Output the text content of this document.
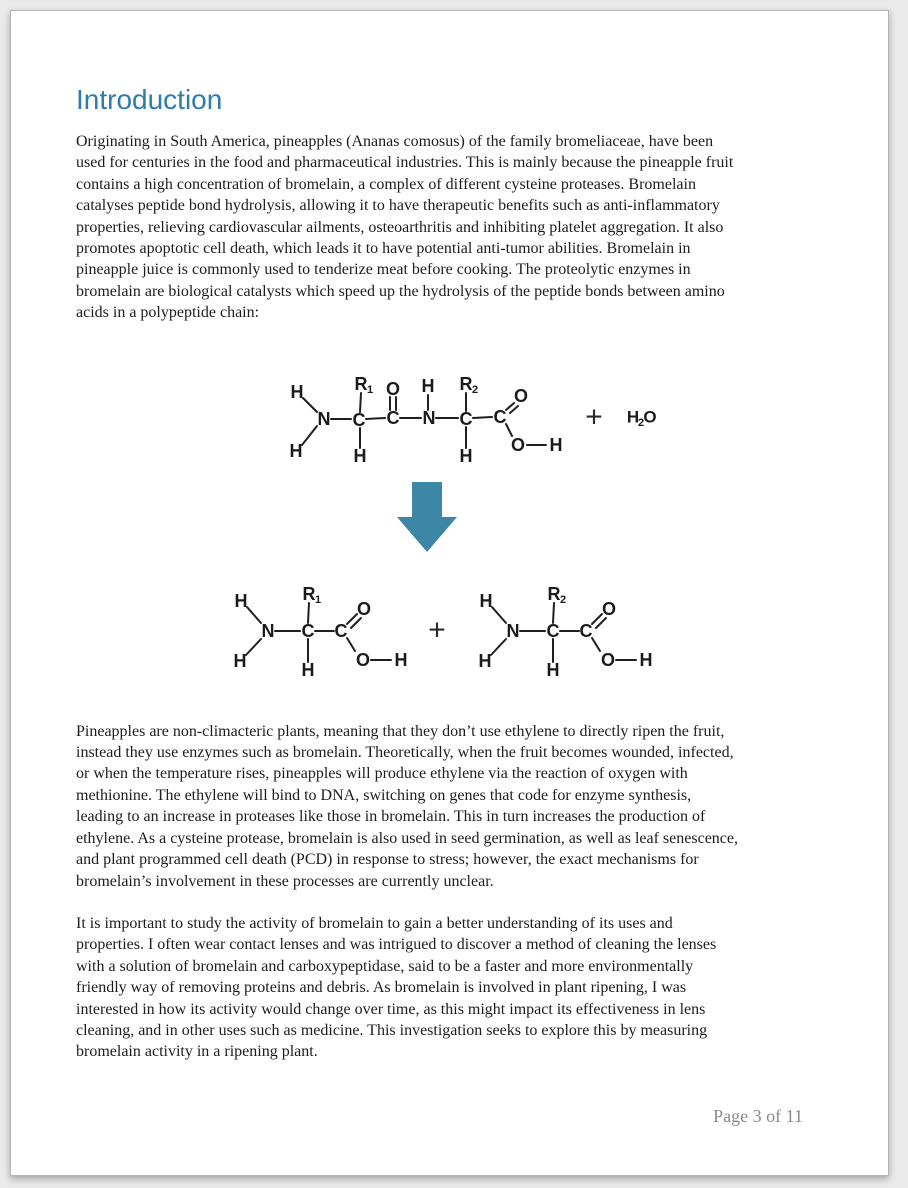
Introduction
Originating in South America, pineapples (Ananas comosus) of the family bromeliaceae, have been
used for centuries in the food and pharmaceutical industries. This is mainly because the pineapple fruit
contains a high concentration of bromelain, a complex of different cysteine proteases. Bromelain
catalyses peptide bond hydrolysis, allowing it to have therapeutic benefits such as anti-inflammatory
properties, relieving cardiovascular ailments, osteoarthritis and inhibiting platelet aggregation. It also
promotes apoptotic cell death, which leads it to have potential anti-tumor abilities. Bromelain in
pineapple juice is commonly used to tenderize meat before cooking. The proteolytic enzymes in
bromelain are biological catalysts which speed up the hydrolysis of the peptide bonds between amino
acids in a polypeptide chain:
H
H
N C
R 1
H
C
O
N
H
C
R 2
H
C
O
O H
+ H
2 O
H
H
N C
R 1
H
C
O
O H
+
H
H
N C
R 2
H
C
O
O H
Pineapples are non-climacteric plants, meaning that they don’t use ethylene to directly ripen the fruit,
instead they use enzymes such as bromelain. Theoretically, when the fruit becomes wounded, infected,
or when the temperature rises, pineapples will produce ethylene via the reaction of oxygen with
methionine. The ethylene will bind to DNA, switching on genes that code for enzyme synthesis,
leading to an increase in proteases like those in bromelain. This in turn increases the production of
ethylene. As a cysteine protease, bromelain is also used in seed germination, as well as leaf senescence,
and plant programmed cell death (PCD) in response to stress; however, the exact mechanisms for
bromelain’s involvement in these processes are currently unclear.
It is important to study the activity of bromelain to gain a better understanding of its uses and
properties. I often wear contact lenses and was intrigued to discover a method of cleaning the lenses
with a solution of bromelain and carboxypeptidase, said to be a faster and more environmentally
friendly way of removing proteins and debris. As bromelain is involved in plant ripening, I was
interested in how its activity would change over time, as this might impact its effectiveness in lens
cleaning, and in other uses such as medicine. This investigation seeks to explore this by measuring
bromelain activity in a ripening plant.
Page 3 of 11
